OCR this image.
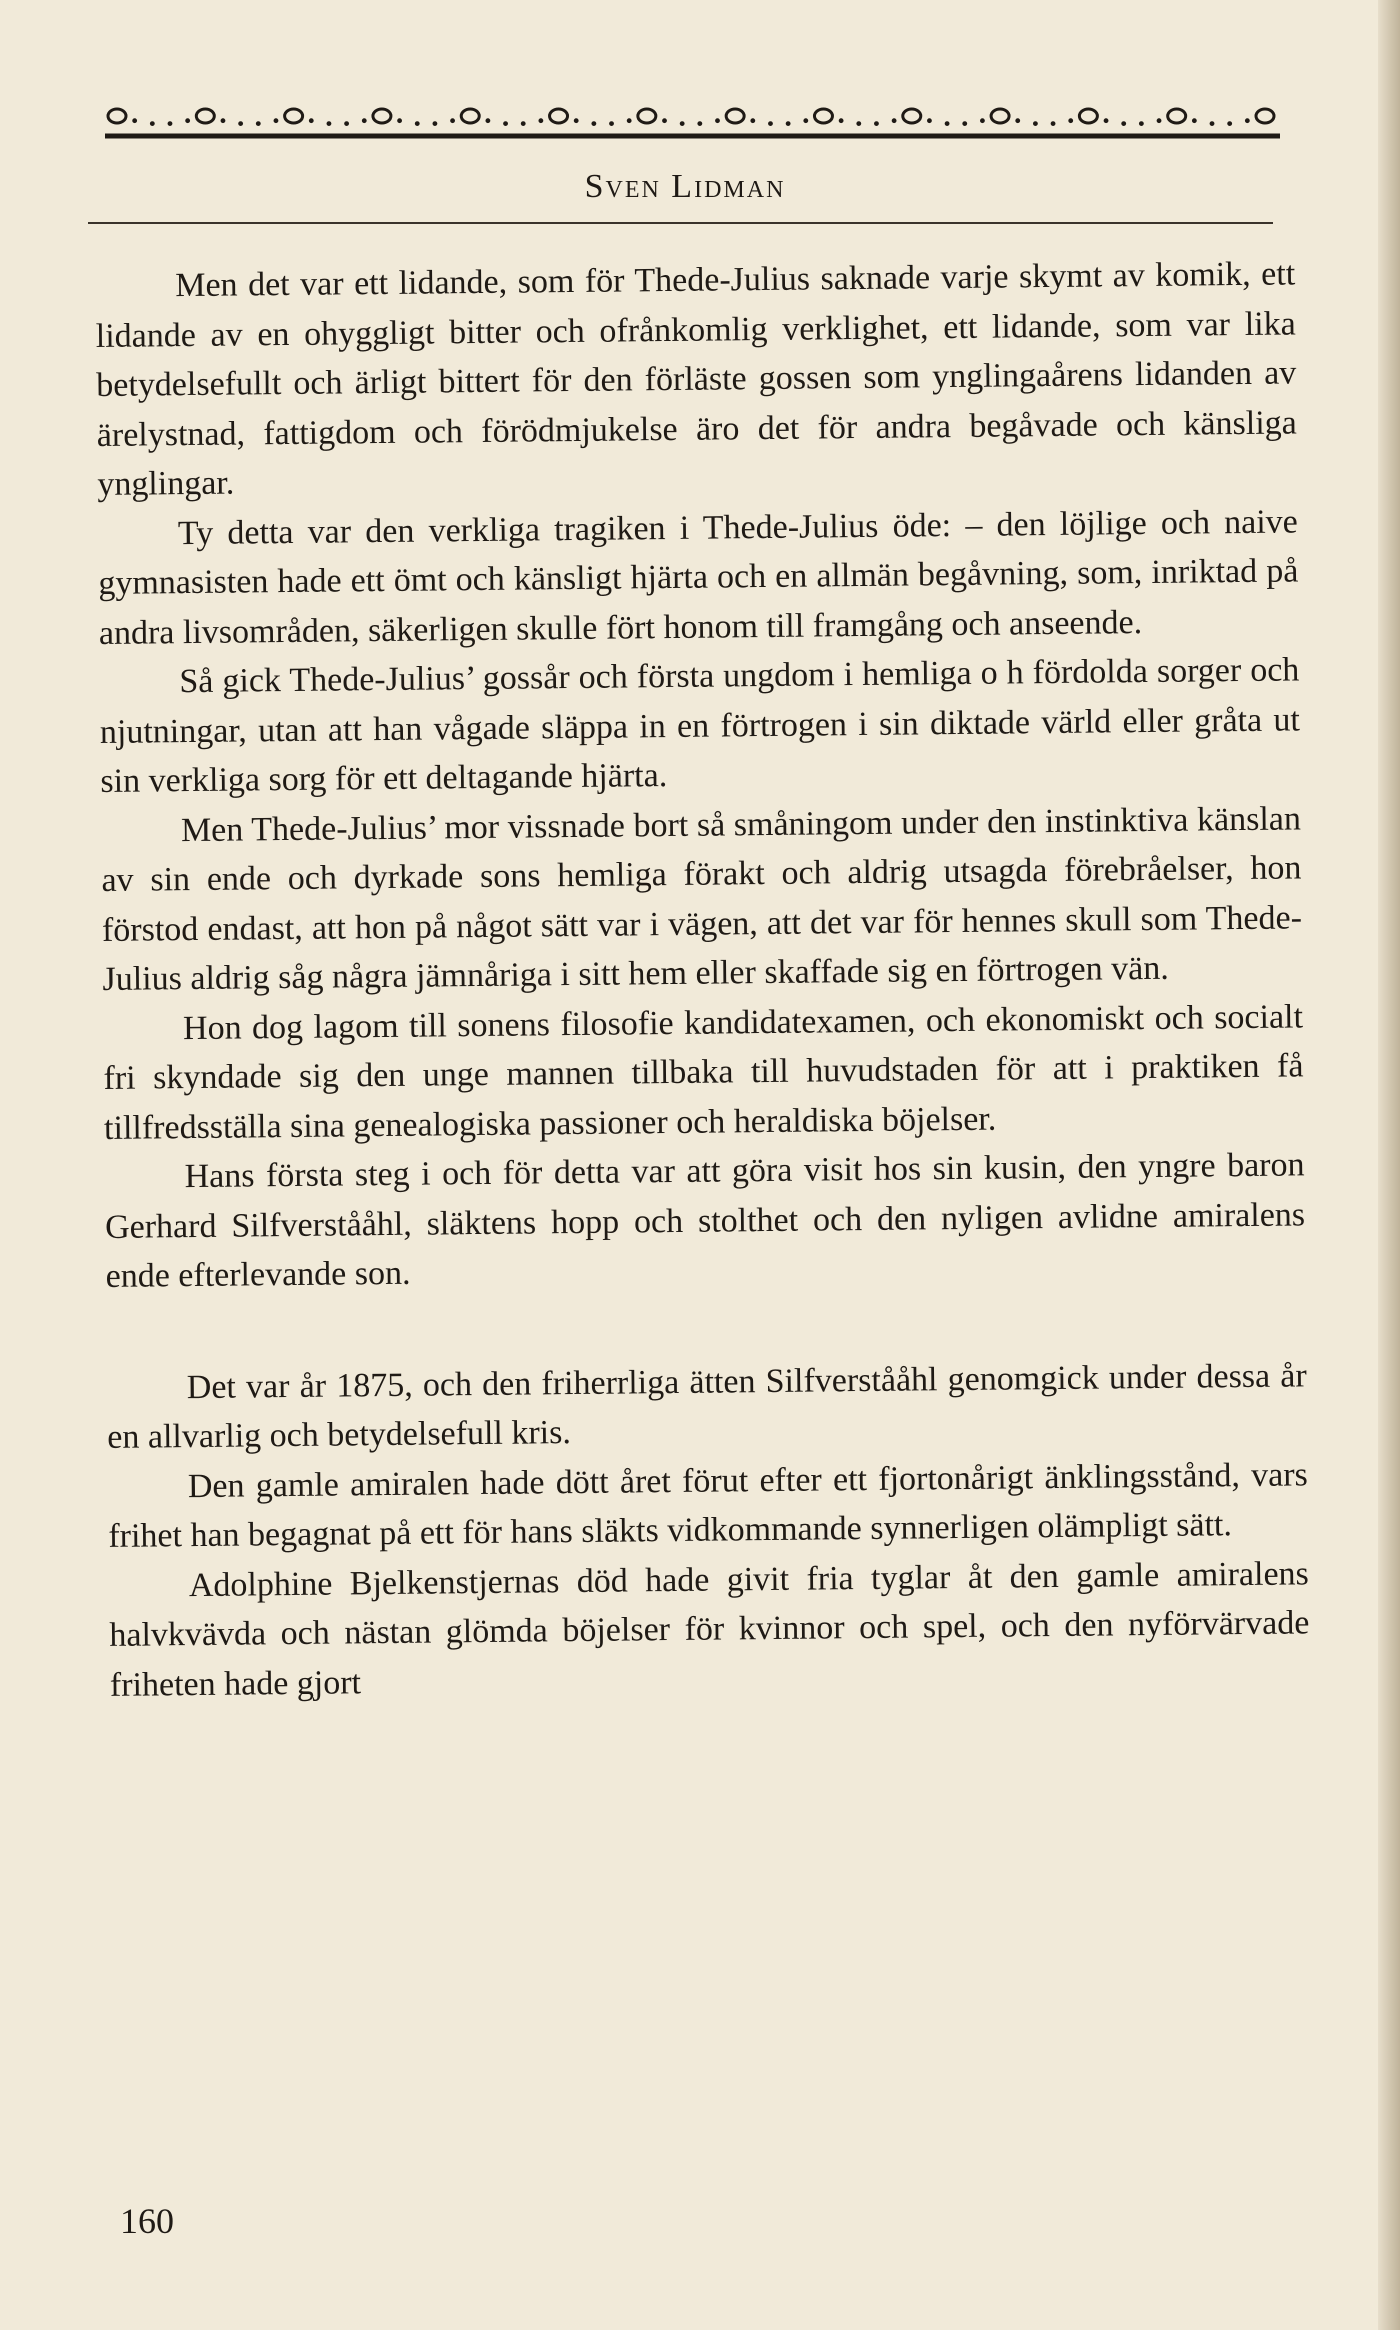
Sven Lidman

Men det var ett lidande, som för Thede-Julius saknade varje skymt av komik, ett lidande av en ohyggligt bitter och ofrånkomlig verklighet, ett lidande, som var lika betydelsefullt och ärligt bittert för den förläste gossen som ynglingaårens lidanden av ärelystnad, fattigdom och förödmjukelse äro det för andra begåvade och känsliga ynglingar.

Ty detta var den verkliga tragiken i Thede-Julius öde: – den löjlige och naive gymnasisten hade ett ömt och känsligt hjärta och en allmän begåvning, som, inriktad på andra livsområden, säkerligen skulle fört honom till framgång och anseende.

Så gick Thede-Julius’ gossår och första ungdom i hemliga o h fördolda sorger och njutningar, utan att han vågade släppa in en förtrogen i sin diktade värld eller gråta ut sin verkliga sorg för ett deltagande hjärta.

Men Thede-Julius’ mor vissnade bort så småningom under den instinktiva känslan av sin ende och dyrkade sons hemliga förakt och aldrig utsagda förebråelser, hon förstod endast, att hon på något sätt var i vägen, att det var för hennes skull som Thede-Julius aldrig såg några jämnåriga i sitt hem eller skaffade sig en förtrogen vän.

Hon dog lagom till sonens filosofie kandidatexamen, och ekonomiskt och socialt fri skyndade sig den unge mannen tillbaka till huvudstaden för att i praktiken få tillfredsställa sina genealogiska passioner och heraldiska böjelser.

Hans första steg i och för detta var att göra visit hos sin kusin, den yngre baron Gerhard Silfverstååhl, släktens hopp och stolthet och den nyligen avlidne amiralens ende efterlevande son.

Det var år 1875, och den friherrliga ätten Silfverstååhl genomgick under dessa år en allvarlig och betydelsefull kris.

Den gamle amiralen hade dött året förut efter ett fjortonårigt änklingsstånd, vars frihet han begagnat på ett för hans släkts vidkommande synnerligen olämpligt sätt.

Adolphine Bjelkenstjernas död hade givit fria tyglar åt den gamle amiralens halvkvävda och nästan glömda böjelser för kvinnor och spel, och den nyförvärvade friheten hade gjort

160
